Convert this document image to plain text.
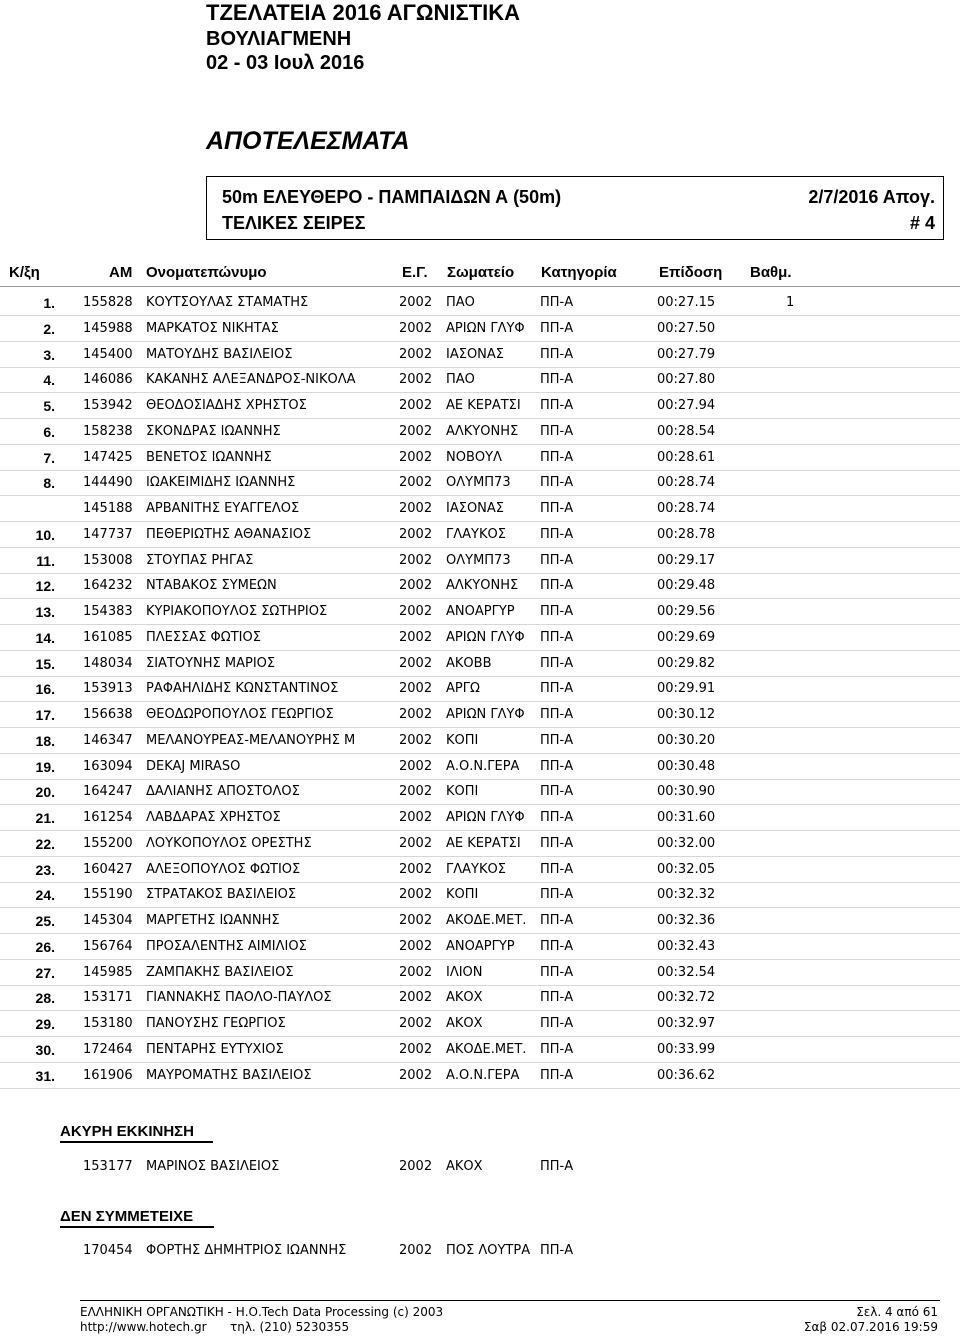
ΤΖΕΛΑΤΕΙΑ 2016 ΑΓΩΝΙΣΤΙΚΑ
ΒΟΥΛΙΑΓΜΕΝΗ
02 - 03 Ιουλ 2016
ΑΠΟΤΕΛΕΣΜΑΤΑ
50m ΕΛΕΥΘΕΡΟ - ΠΑΜΠΑΙΔΩΝ Α (50m)	2/7/2016 Απογ.
ΤΕΛΙΚΕΣ ΣΕΙΡΕΣ	# 4
Κ/ξη	ΑΜ Ονοματεπώνυμο	Ε.Γ. Σωματείο Κατηγορία	Επίδοση Βαθμ.
1. 155828 ΚΟΥΤΣΟΥΛΑΣ ΣΤΑΜΑΤΗΣ	2002 ΠΑΟ	ΠΠ-Α	00:27.15	1
2. 145988 ΜΑΡΚΑΤΟΣ ΝΙΚΗΤΑΣ	2002 ΑΡΙΩΝ ΓΛΥΦ ΠΠ-Α	00:27.50
3. 145400 ΜΑΤΟΥΔΗΣ ΒΑΣΙΛΕΙΟΣ	2002 ΙΑΣΟΝΑΣ	ΠΠ-Α	00:27.79
4. 146086 ΚΑΚΑΝΗΣ ΑΛΕΞΑΝΔΡΟΣ-ΝΙΚΟΛΑ	2002 ΠΑΟ	ΠΠ-Α	00:27.80
5. 153942 ΘΕΟΔΟΣΙΑΔΗΣ ΧΡΗΣΤΟΣ	2002 ΑΕ ΚΕΡΑΤΣΙ ΠΠ-Α	00:27.94
6. 158238 ΣΚΟΝΔΡΑΣ ΙΩΑΝΝΗΣ	2002 ΑΛΚΥΟΝΗΣ ΠΠ-Α	00:28.54
7. 147425 ΒΕΝΕΤΟΣ ΙΩΑΝΝΗΣ	2002 ΝΟΒΟΥΛ	ΠΠ-Α	00:28.61
8. 144490 ΙΩΑΚΕΙΜΙΔΗΣ ΙΩΑΝΝΗΣ	2002 ΟΛΥΜΠ73 ΠΠ-Α	00:28.74
145188 ΑΡΒΑΝΙΤΗΣ ΕΥΑΓΓΕΛΟΣ	2002 ΙΑΣΟΝΑΣ	ΠΠ-Α	00:28.74
10. 147737 ΠΕΘΕΡΙΩΤΗΣ ΑΘΑΝΑΣΙΟΣ	2002 ΓΛΑΥΚΟΣ	ΠΠ-Α	00:28.78
11. 153008 ΣΤΟΥΠΑΣ ΡΗΓΑΣ	2002 ΟΛΥΜΠ73 ΠΠ-Α	00:29.17
12. 164232 ΝΤΑΒΑΚΟΣ ΣΥΜΕΩΝ	2002 ΑΛΚΥΟΝΗΣ ΠΠ-Α	00:29.48
13. 154383 ΚΥΡΙΑΚΟΠΟΥΛΟΣ ΣΩΤΗΡΙΟΣ	2002 ΑΝΟΑΡΓΥΡ ΠΠ-Α	00:29.56
14. 161085 ΠΛΕΣΣΑΣ ΦΩΤΙΟΣ	2002 ΑΡΙΩΝ ΓΛΥΦ ΠΠ-Α	00:29.69
15. 148034 ΣΙΑΤΟΥΝΗΣ ΜΑΡΙΟΣ	2002 ΑΚΟΒΒ	ΠΠ-Α	00:29.82
16. 153913 ΡΑΦΑΗΛΙΔΗΣ ΚΩΝΣΤΑΝΤΙΝΟΣ	2002 ΑΡΓΩ	ΠΠ-Α	00:29.91
17. 156638 ΘΕΟΔΩΡΟΠΟΥΛΟΣ ΓΕΩΡΓΙΟΣ	2002 ΑΡΙΩΝ ΓΛΥΦ ΠΠ-Α	00:30.12
18. 146347 ΜΕΛΑΝΟΥΡΕΑΣ-ΜΕΛΑΝΟΥΡΗΣ Μ	2002 ΚΟΠΙ	ΠΠ-Α	00:30.20
19. 163094 DEKAJ MIRASO	2002 Α.Ο.Ν.ΓΕΡΑ ΠΠ-Α	00:30.48
20. 164247 ΔΑΛΙΑΝΗΣ ΑΠΟΣΤΟΛΟΣ	2002 ΚΟΠΙ	ΠΠ-Α	00:30.90
21. 161254 ΛΑΒΔΑΡΑΣ ΧΡΗΣΤΟΣ	2002 ΑΡΙΩΝ ΓΛΥΦ ΠΠ-Α	00:31.60
22. 155200 ΛΟΥΚΟΠΟΥΛΟΣ ΟΡΕΣΤΗΣ	2002 ΑΕ ΚΕΡΑΤΣΙ ΠΠ-Α	00:32.00
23. 160427 ΑΛΕΞΟΠΟΥΛΟΣ ΦΩΤΙΟΣ	2002 ΓΛΑΥΚΟΣ	ΠΠ-Α	00:32.05
24. 155190 ΣΤΡΑΤΑΚΟΣ ΒΑΣΙΛΕΙΟΣ	2002 ΚΟΠΙ	ΠΠ-Α	00:32.32
25. 145304 ΜΑΡΓΕΤΗΣ ΙΩΑΝΝΗΣ	2002 ΑΚΟΔΕ.ΜΕΤ. ΠΠ-Α	00:32.36
26. 156764 ΠΡΟΣΑΛΕΝΤΗΣ ΑΙΜΙΛΙΟΣ	2002 ΑΝΟΑΡΓΥΡ ΠΠ-Α	00:32.43
27. 145985 ΖΑΜΠΑΚΗΣ ΒΑΣΙΛΕΙΟΣ	2002 ΙΛΙΟΝ	ΠΠ-Α	00:32.54
28. 153171 ΓΙΑΝΝΑΚΗΣ ΠΑΟΛΟ-ΠΑΥΛΟΣ	2002 ΑΚΟΧ	ΠΠ-Α	00:32.72
29. 153180 ΠΑΝΟΥΣΗΣ ΓΕΩΡΓΙΟΣ	2002 ΑΚΟΧ	ΠΠ-Α	00:32.97
30. 172464 ΠΕΝΤΑΡΗΣ ΕΥΤΥΧΙΟΣ	2002 ΑΚΟΔΕ.ΜΕΤ. ΠΠ-Α	00:33.99
31. 161906 ΜΑΥΡΟΜΑΤΗΣ ΒΑΣΙΛΕΙΟΣ	2002 Α.Ο.Ν.ΓΕΡΑ ΠΠ-Α	00:36.62
ΑΚΥΡΗ ΕΚΚΙΝΗΣΗ
153177 ΜΑΡΙΝΟΣ ΒΑΣΙΛΕΙΟΣ	2002 ΑΚΟΧ	ΠΠ-Α
ΔΕΝ ΣΥΜΜΕΤΕΙΧΕ
170454 ΦΟΡΤΗΣ ΔΗΜΗΤΡΙΟΣ ΙΩΑΝΝΗΣ	2002 ΠΟΣ ΛΟΥΤΡΑ ΠΠ-Α
ΕΛΛΗΝΙΚΗ ΟΡΓΑΝΩΤΙΚΗ - Η.Ο.Tech Data Processing (c) 2003
http://www.hotech.gr τηλ. (210) 5230355
Σελ. 4 από 61
Σαβ 02.07.2016 19:59
